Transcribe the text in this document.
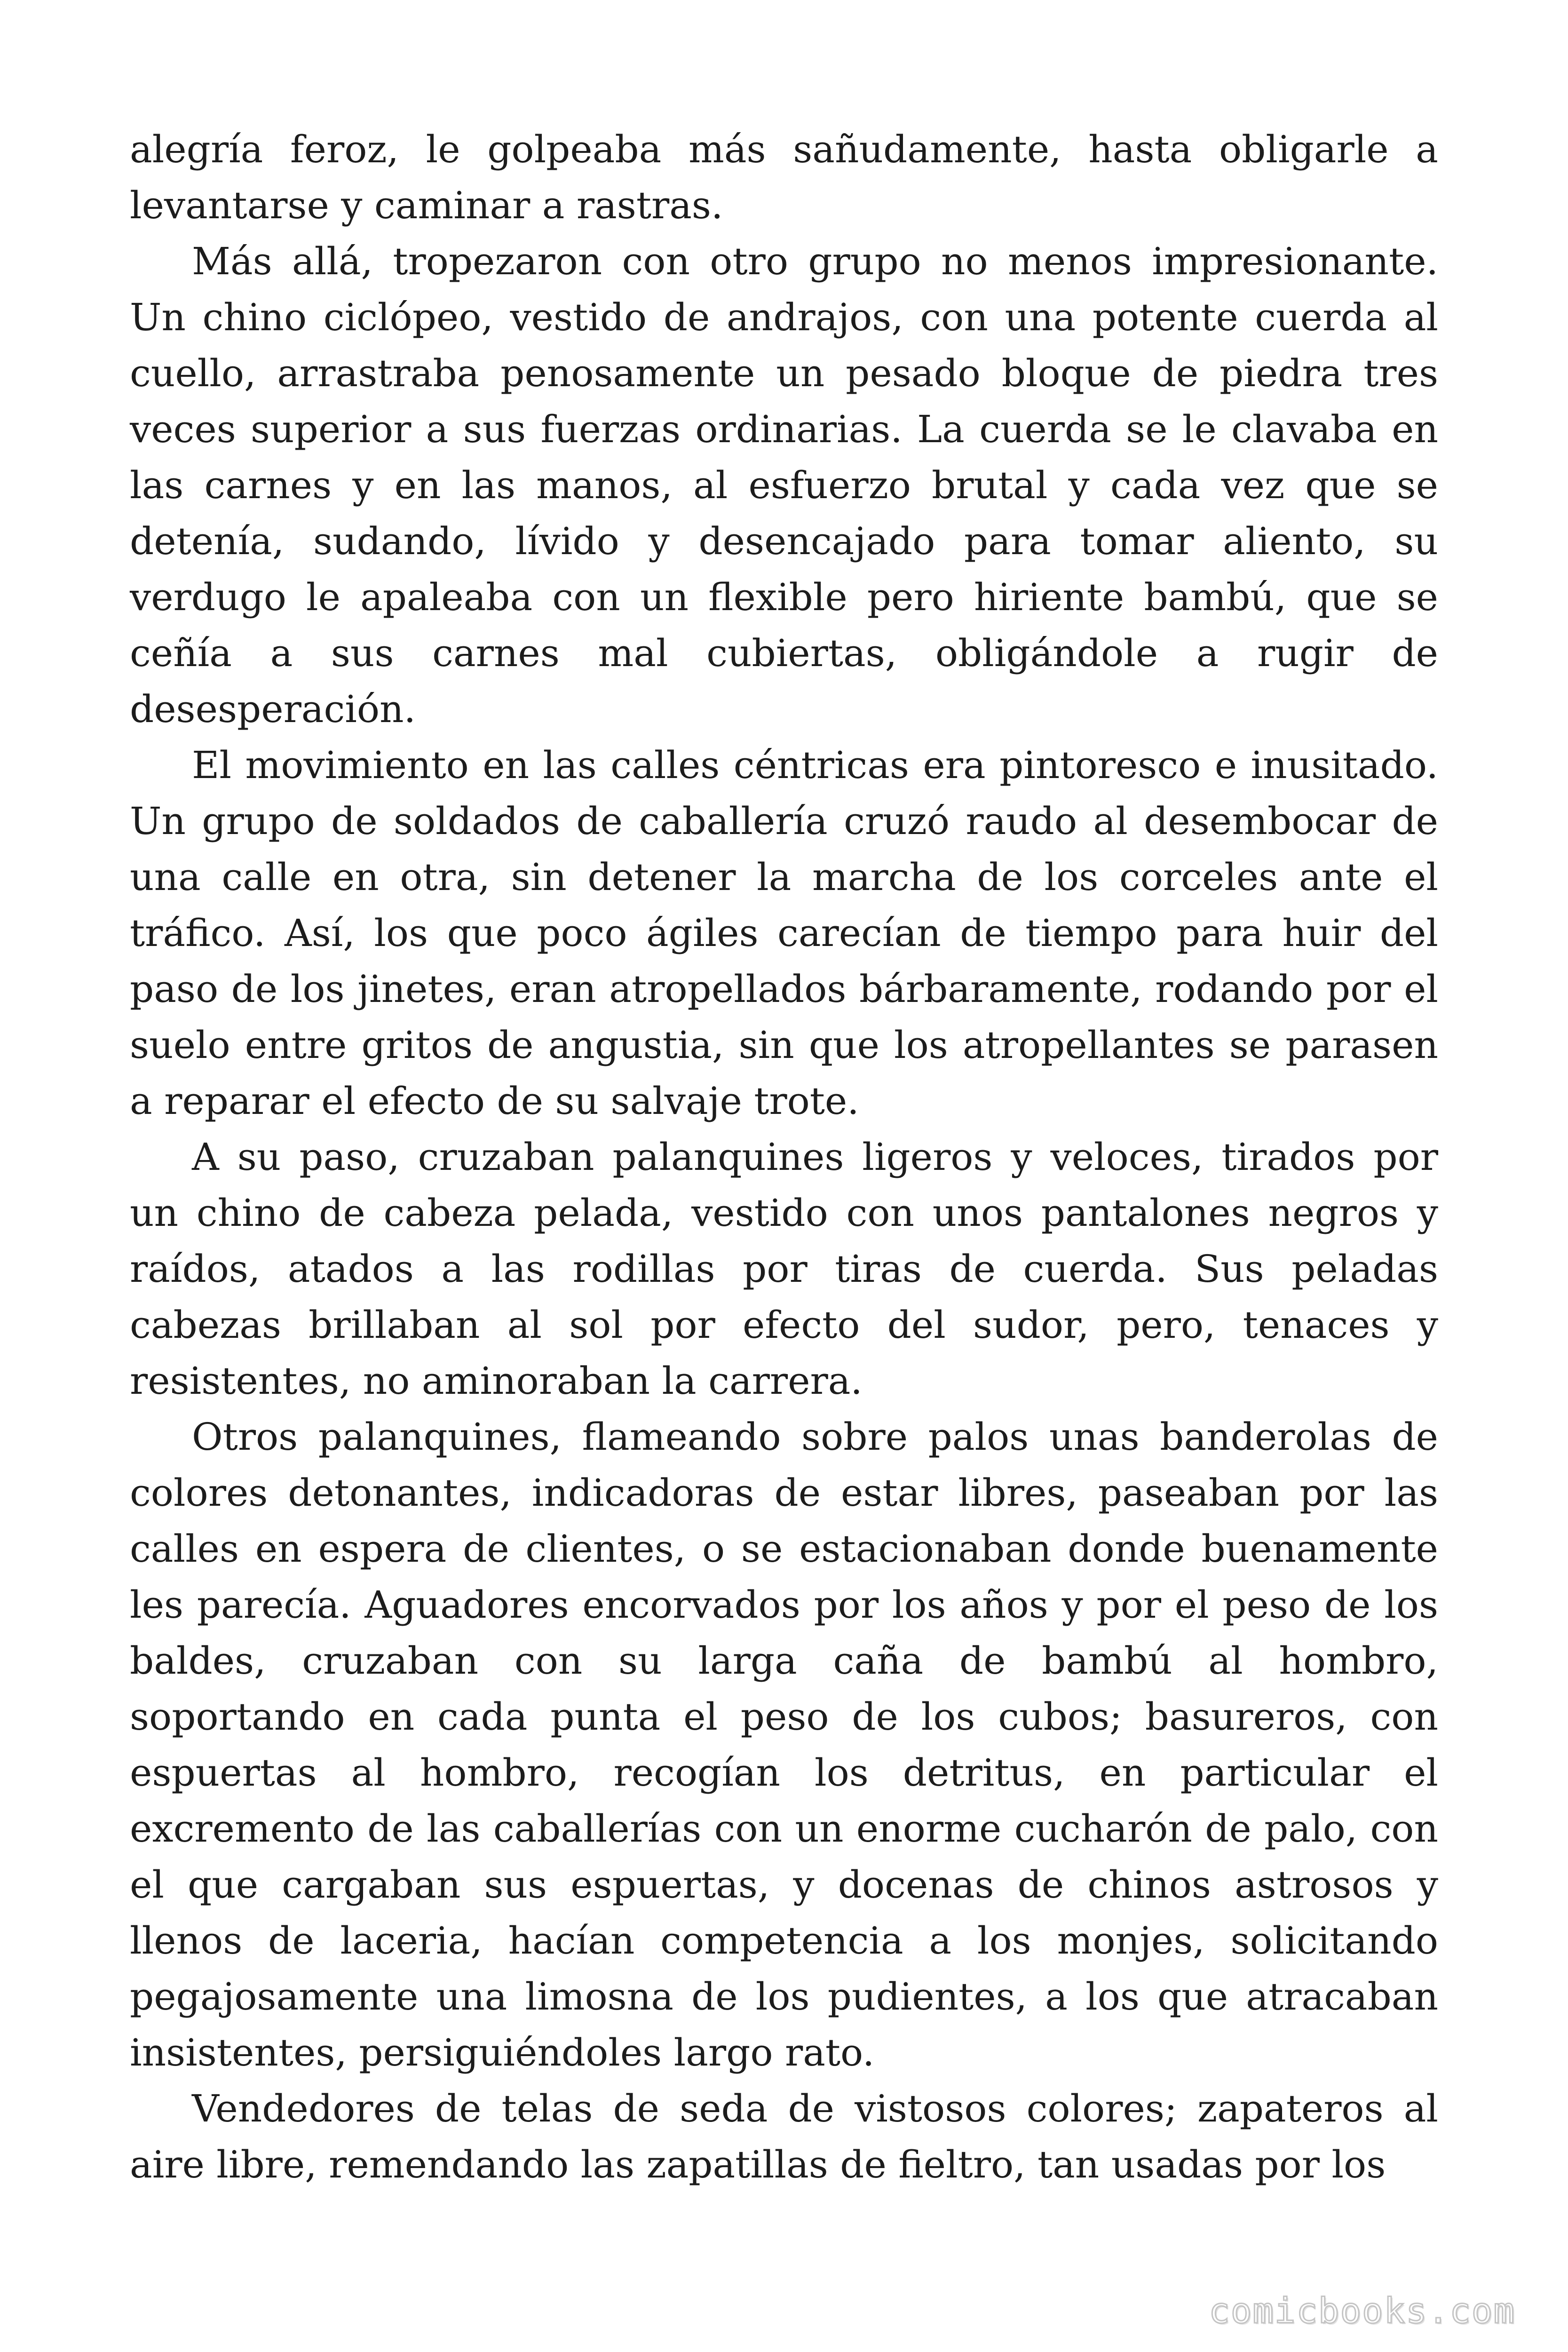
alegría feroz, le golpeaba más sañudamente, hasta obligarle a levantarse y caminar a rastras.

Más allá, tropezaron con otro grupo no menos impresionante. Un chino ciclópeo, vestido de andrajos, con una potente cuerda al cuello, arrastraba penosamente un pesado bloque de piedra tres veces superior a sus fuerzas ordinarias. La cuerda se le clavaba en las carnes y en las manos, al esfuerzo brutal y cada vez que se detenía, sudando, lívido y desencajado para tomar aliento, su verdugo le apaleaba con un flexible pero hiriente bambú, que se ceñía a sus carnes mal cubiertas, obligándole a rugir de desesperación.

El movimiento en las calles céntricas era pintoresco e inusitado. Un grupo de soldados de caballería cruzó raudo al desembocar de una calle en otra, sin detener la marcha de los corceles ante el tráfico. Así, los que poco ágiles carecían de tiempo para huir del paso de los jinetes, eran atropellados bárbaramente, rodando por el suelo entre gritos de angustia, sin que los atropellantes se parasen a reparar el efecto de su salvaje trote.

A su paso, cruzaban palanquines ligeros y veloces, tirados por un chino de cabeza pelada, vestido con unos pantalones negros y raídos, atados a las rodillas por tiras de cuerda. Sus peladas cabezas brillaban al sol por efecto del sudor, pero, tenaces y resistentes, no aminoraban la carrera.

Otros palanquines, flameando sobre palos unas banderolas de colores detonantes, indicadoras de estar libres, paseaban por las calles en espera de clientes, o se estacionaban donde buenamente les parecía. Aguadores encorvados por los años y por el peso de los baldes, cruzaban con su larga caña de bambú al hombro, soportando en cada punta el peso de los cubos; basureros, con espuertas al hombro, recogían los detritus, en particular el excremento de las caballerías con un enorme cucharón de palo, con el que cargaban sus espuertas, y docenas de chinos astrosos y llenos de laceria, hacían competencia a los monjes, solicitando pegajosamente una limosna de los pudientes, a los que atracaban insistentes, persiguiéndoles largo rato.

Vendedores de telas de seda de vistosos colores; zapateros al aire libre, remendando las zapatillas de fieltro, tan usadas por los

comicbooks.com
